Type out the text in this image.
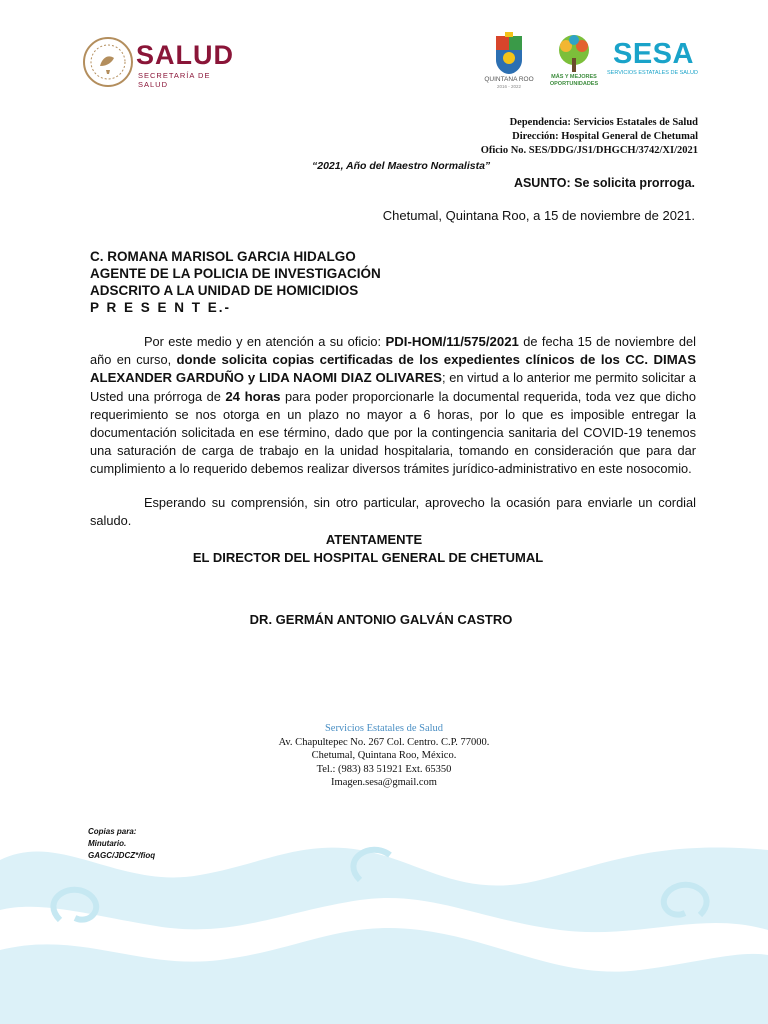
SALUD
SECRETARÍA DE SALUD
QUINTANA ROO
2016 - 2022
MÁS Y MEJORES
OPORTUNIDADES
SESA
SERVICIOS ESTATALES DE SALUD
Dependencia: Servicios Estatales de Salud
Dirección: Hospital General de Chetumal
Oficio No. SES/DDG/JS1/DHGCH/3742/XI/2021
“2021, Año del Maestro Normalista”
ASUNTO: Se solicita prorroga.
Chetumal, Quintana Roo, a 15 de noviembre de 2021.
C. ROMANA MARISOL GARCIA HIDALGO
AGENTE DE LA POLICIA DE INVESTIGACIÓN
ADSCRITO A LA UNIDAD DE HOMICIDIOS
P R E S E N T E.-
Por este medio y en atención a su oficio: PDI-HOM/11/575/2021 de fecha 15 de noviembre del año en curso, donde solicita copias certificadas de los expedientes clínicos de los CC. DIMAS ALEXANDER GARDUÑO y LIDA NAOMI DIAZ OLIVARES; en virtud a lo anterior me permito solicitar a Usted una prórroga de 24 horas para poder proporcionarle la documental requerida, toda vez que dicho requerimiento se nos otorga en un plazo no mayor a 6 horas, por lo que es imposible entregar la documentación solicitada en ese término, dado que por la contingencia sanitaria del COVID-19 tenemos una saturación de carga de trabajo en la unidad hospitalaria, tomando en consideración que para dar cumplimiento a lo requerido debemos realizar diversos trámites jurídico-administrativo en este nosocomio.
Esperando su comprensión, sin otro particular, aprovecho la ocasión para enviarle un cordial saludo.
ATENTAMENTE
EL DIRECTOR DEL HOSPITAL GENERAL DE CHETUMAL
DR. GERMÁN ANTONIO GALVÁN CASTRO
Servicios Estatales de Salud
Av. Chapultepec No. 267 Col. Centro. C.P. 77000.
Chetumal, Quintana Roo, México.
Tel.: (983) 83 51921 Ext. 65350
Imagen.sesa@gmail.com
Copias para:
Minutario.
GAGC/JDCZ*/fioq
